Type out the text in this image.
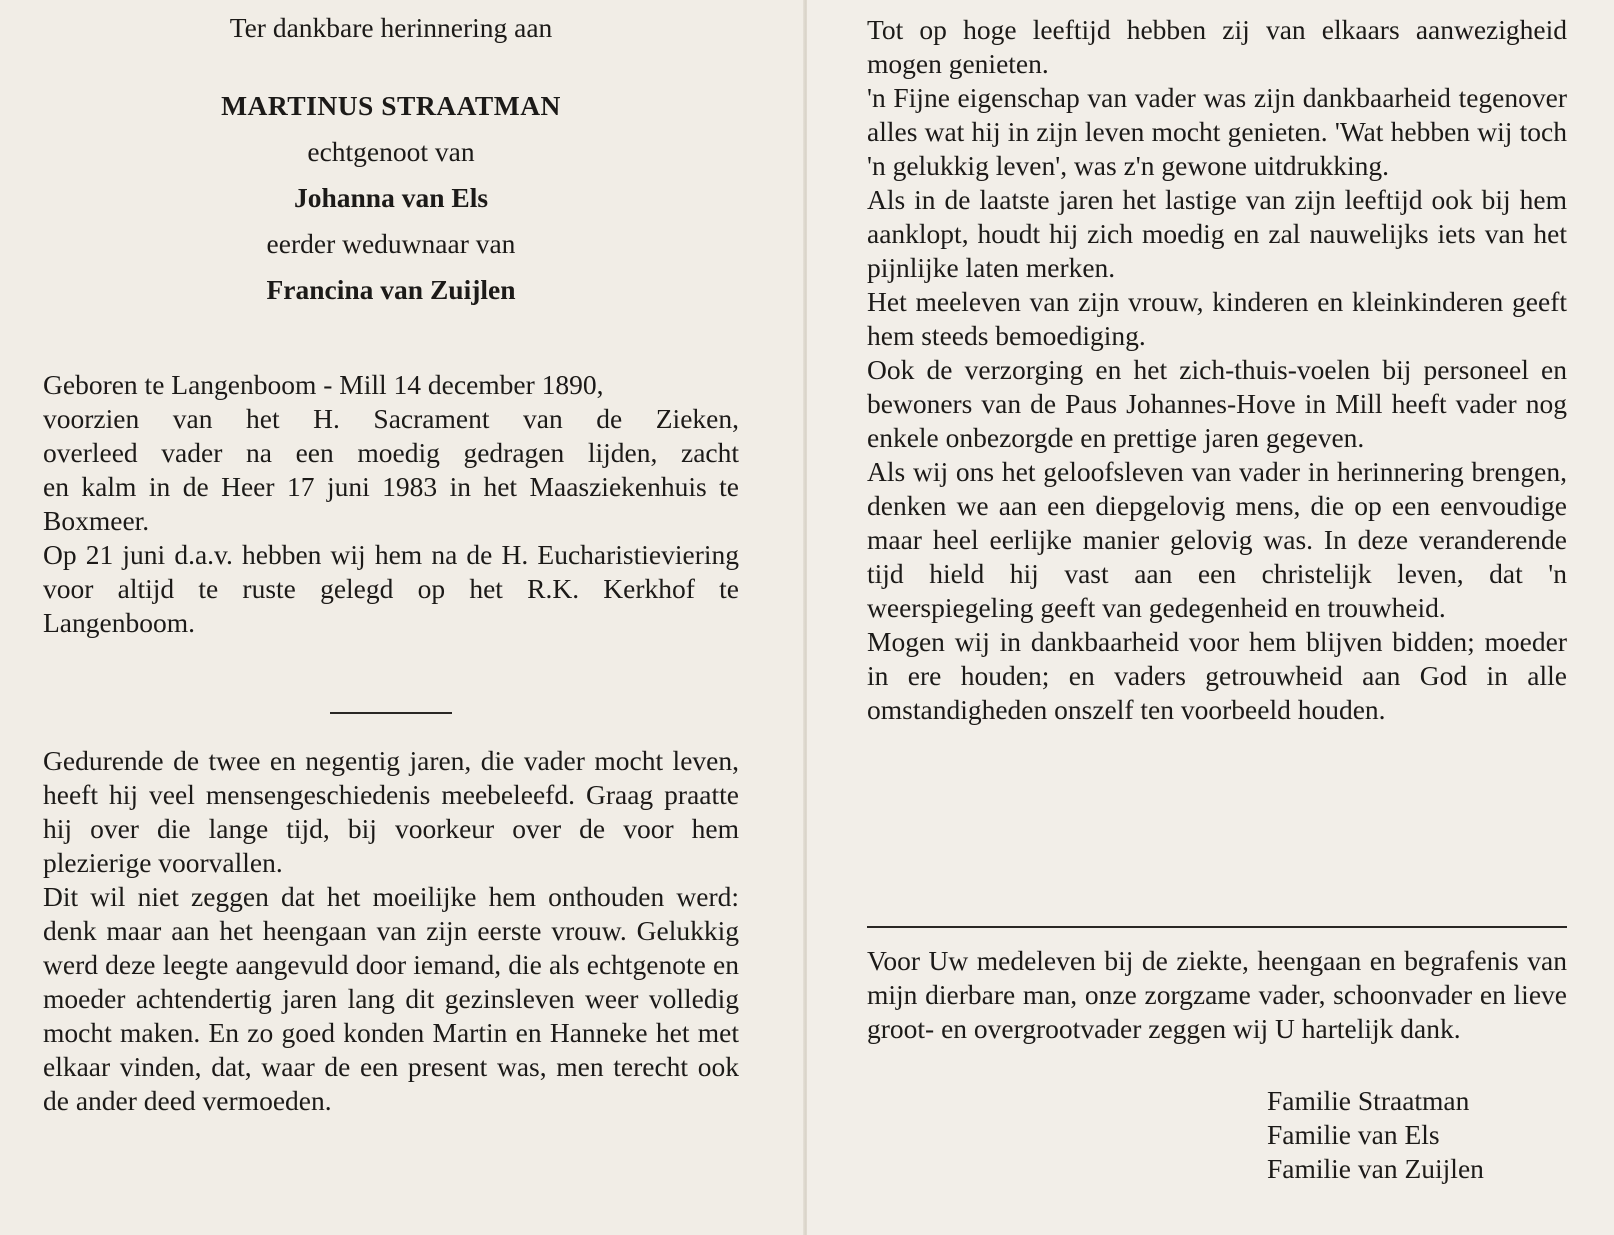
Ter dankbare herinnering aan
MARTINUS STRAATMAN
echtgenoot van
Johanna van Els
eerder weduwnaar van
Francina van Zuijlen
Geboren te Langenboom - Mill 14 december 1890,
voorzien van het H. Sacrament van de Zieken,
overleed vader na een moedig gedragen lijden, zacht

en kalm in de Heer 17 juni 1983 in het Maasziekenhuis te Boxmeer.

Op 21 juni d.a.v. hebben wij hem na de H. Eucharistieviering voor altijd te ruste gelegd op het R.K. Kerkhof te Langenboom.

Gedurende de twee en negentig jaren, die vader mocht leven, heeft hij veel mensengeschiedenis meebeleefd. Graag praatte hij over die lange tijd, bij voorkeur over de voor hem plezierige voorvallen.

Dit wil niet zeggen dat het moeilijke hem onthouden werd: denk maar aan het heengaan van zijn eerste vrouw. Gelukkig werd deze leegte aangevuld door iemand, die als echtgenote en moeder achtendertig jaren lang dit gezinsleven weer volledig mocht maken. En zo goed konden Martin en Hanneke het met elkaar vinden, dat, waar de een present was, men terecht ook de ander deed vermoeden.

Tot op hoge leeftijd hebben zij van elkaars aanwezigheid mogen genieten.

'n Fijne eigenschap van vader was zijn dankbaarheid tegenover alles wat hij in zijn leven mocht genieten. 'Wat hebben wij toch 'n gelukkig leven', was z'n gewone uitdrukking.

Als in de laatste jaren het lastige van zijn leeftijd ook bij hem aanklopt, houdt hij zich moedig en zal nauwelijks iets van het pijnlijke laten merken.

Het meeleven van zijn vrouw, kinderen en kleinkinderen geeft hem steeds bemoediging.

Ook de verzorging en het zich-thuis-voelen bij personeel en bewoners van de Paus Johannes-Hove in Mill heeft vader nog enkele onbezorgde en prettige jaren gegeven.

Als wij ons het geloofsleven van vader in herinnering brengen, denken we aan een diepgelovig mens, die op een eenvoudige maar heel eerlijke manier gelovig was. In deze veranderende tijd hield hij vast aan een christelijk leven, dat 'n weerspiegeling geeft van gedegenheid en trouwheid.

Mogen wij in dankbaarheid voor hem blijven bidden; moeder in ere houden; en vaders getrouwheid aan God in alle omstandigheden onszelf ten voorbeeld houden.

Voor Uw medeleven bij de ziekte, heengaan en begrafenis van mijn dierbare man, onze zorgzame vader, schoonvader en lieve groot- en overgrootvader zeggen wij U hartelijk dank.

Familie Straatman
Familie van Els
Familie van Zuijlen
